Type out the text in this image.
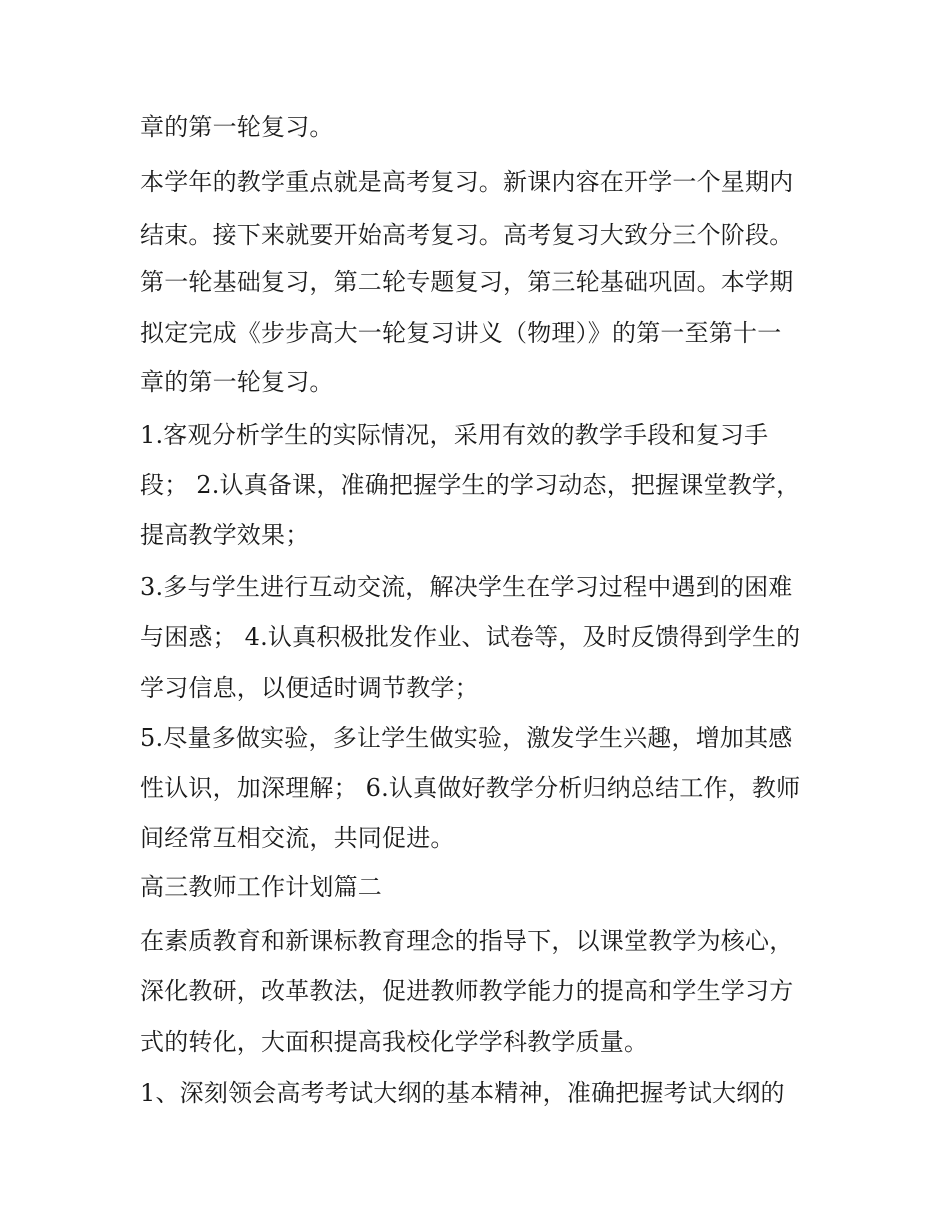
章的第一轮复习。
本学年的教学重点就是高考复习。新课内容在开学一个星期内
结束。接下来就要开始高考复习。高考复习大致分三个阶段。
第一轮基础复习，第二轮专题复习，第三轮基础巩固。本学期
拟定完成《步步高大一轮复习讲义（物理）》的第一至第十一
章的第一轮复习。
1.客观分析学生的实际情况，采用有效的教学手段和复习手
段； 2.认真备课，准确把握学生的学习动态，把握课堂教学，
提高教学效果；
3.多与学生进行互动交流，解决学生在学习过程中遇到的困难
与困惑； 4.认真积极批发作业、试卷等，及时反馈得到学生的
学习信息，以便适时调节教学；
5.尽量多做实验，多让学生做实验，激发学生兴趣，增加其感
性认识，加深理解； 6.认真做好教学分析归纳总结工作，教师
间经常互相交流，共同促进。
高三教师工作计划篇二
在素质教育和新课标教育理念的指导下，以课堂教学为核心，
深化教研，改革教法，促进教师教学能力的提高和学生学习方
式的转化，大面积提高我校化学学科教学质量。
1、深刻领会高考考试大纲的基本精神，准确把握考试大纲的
